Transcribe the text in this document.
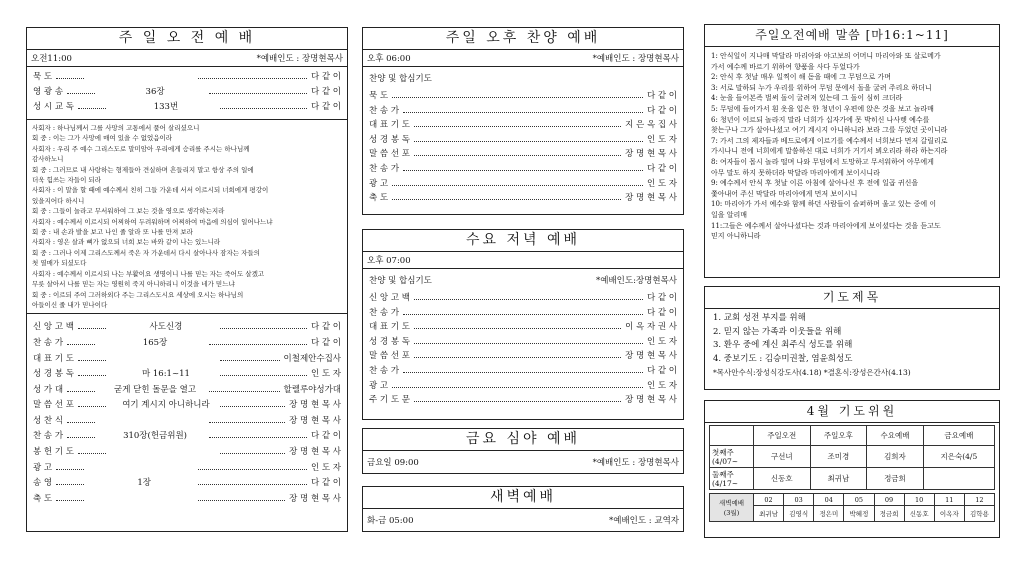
주 일 오 전 예 배
오전11:00	*예배인도 : 장명현목사
묵 도	다 같 이
영 광 송	36장	다 같 이
성 시 교 독	133번	다 같 이
사회자 : 하나님께서 그를 사망의 고통에서 풀어 살리셨으니
회 중 : 이는 그가 사망에 매여 있을 수 없었음이라
사회자 : 우리 주 예수 그리스도로 말미암아 우리에게 승리를 주시는 하나님께
감사하노니
회 중 : 그러므로 내 사랑하는 형제들아 견실하며 흔들리지 말고 항상 주의 일에
더욱 힘쓰는 자들이 되라
사회자 : 이 말을 할 때에 예수께서 친히 그들 가운데 서서 이르시되 너희에게 평강이
있을지어다 하시니
회 중 : 그들이 놀라고 무서워하여 그 보는 것을 영으로 생각하는지라
사회자 : 예수께서 이르시되 어찌하여 두려워하며 어찌하여 마음에 의심이 일어나느냐
회 중 : 내 손과 발을 보고 나인 줄 알라 또 나를 만져 보라
사회자 : 영은 살과 뼈가 없으되 너희 보는 바와 같이 나는 있느니라
회 중 : 그러나 이제 그리스도께서 죽은 자 가운데서 다시 살아나사 잠자는 자들의
첫 열매가 되셨도다
사회자 : 예수께서 이르시되 나는 부활이요 생명이니 나를 믿는 자는 죽어도 살겠고
무릇 살아서 나를 믿는 자는 영원히 죽지 아니하리니 이것을 네가 믿느냐
회 중 : 이르되 주여 그러하외다 주는 그리스도시요 세상에 오시는 하나님의
아들이신 줄 내가 믿나이다
신 앙 고 백	사도신경	다 같 이
찬 송 가	165장	다 같 이
대 표 기 도	이철제안수집사
성 경 봉 독	마 16:1~11	인 도 자
성 가 대	굳게 닫힌 돌문을 열고	할렐루야성가대
말 씀 선 포	여기 계시지 아니하니라	장 명 현 목 사
성 찬 식	장 명 현 목 사
찬 송 가	310장(헌금위원)	다 같 이
봉 헌 기 도	장 명 현 목 사
광 고	인 도 자
송 영	1장	다 같 이
축 도	장 명 현 목 사
주일 오후 찬양 예배
오후 06:00	*예배인도 : 장명현목사
찬양 및 합심기도
묵 도	다 같 이
찬 송 가	다 같 이
대 표 기 도	지 은 옥 집 사
성 경 봉 독	인 도 자
말 씀 선 포	장 명 현 목 사
찬 송 가	다 같 이
광 고	인 도 자
축 도	장 명 현 목 사
수요 저녁 예배
오후 07:00
찬양 및 합심기도	*예배인도:장명현목사
신 앙 고 백	다 같 이
찬 송 가	다 같 이
대 표 기 도	이 옥 자 권 사
성 경 봉 독	인 도 자
말 씀 선 포	장 명 현 목 사
찬 송 가	다 같 이
광 고	인 도 자
주 기 도 문	장 명 현 목 사
금요 심야 예배
금요일 09:00	*예배인도 : 장명현목사
새벽예배
화-금 05:00	*예배인도 : 교역자
주일오전예배 말씀 [마16:1~11]
1: 안식일이 지나매 막달라 마리아와 야고보의 어머니 마리아와 또 살로메가
가서 예수께 바르기 위하여 향품을 사다 두었다가
2: 안식 후 첫날 매우 일찍이 해 돋을 때에 그 무덤으로 가며
3: 서로 말하되 누가 우리를 위하여 무덤 문에서 돌을 굴려 주리요 하더니
4: 눈을 들어본즉 벌써 돌이 굴려져 있는데 그 돌이 심히 크더라
5: 무덤에 들어가서 흰 옷을 입은 한 청년이 우편에 앉은 것을 보고 놀라매
6: 청년이 이르되 놀라지 말라 너희가 십자가에 못 박히신 나사렛 예수를
찾는구나 그가 살아나셨고 여기 계시지 아니하니라 보라 그를 두었던 곳이니라
7: 가서 그의 제자들과 베드로에게 이르기를 예수께서 너희보다 먼저 갈릴리로
가시나니 전에 너희에게 말씀하신 대로 너희가 거기서 뵈오리라 하라 하는지라
8: 여자들이 몹시 놀라 떨며 나와 무덤에서 도망하고 무서워하여 아무에게
아무 말도 하지 못하더라 막달라 마리아에게 보이시니라
9: 예수께서 안식 후 첫날 이른 아침에 살아나신 후 전에 일곱 귀신을
쫓아내어 주신 막달라 마리아에게 먼저 보이시니
10: 마리아가 가서 예수와 함께 하던 사람들이 슬퍼하며 울고 있는 중에 이
일을 알리매
11:그들은 예수께서 살아나셨다는 것과 마리아에게 보이셨다는 것을 듣고도
믿지 아니하니라
기도제목
1. 교회 성전 부지를 위해
2. 믿지 않는 가족과 이웃들을 위해
3. 환우 중에 계신 최주식 성도를 위해
4. 중보기도 : 김승미권찰, 염윤희성도
*목사안수식:장성식강도사(4.18) *결혼식:장성은간사(4.13)
4월 기도위원
	주일오전	주일오후	수요예배	금요예배

첫째주
(4/07~	구선녀	조미경	김희자	지은숙(4/5

둘째주
(4/17~	신동호	최귀남	정금희	
새벽예배
(3월)	02	03	04	05	09	10	11	12
	최귀남	김영식	정은미	박혜정	정금희	신동호	이옥자	김학용
